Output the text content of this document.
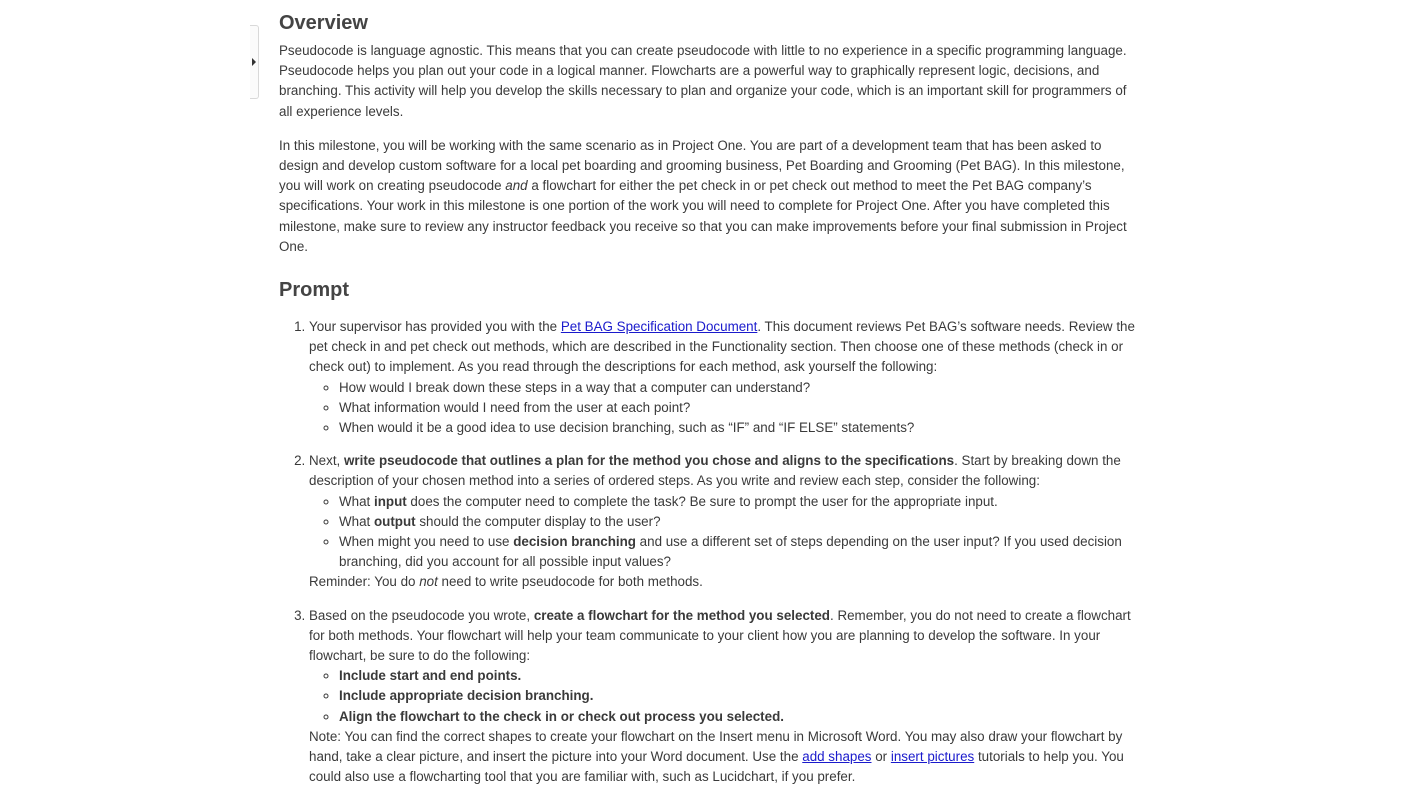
Overview

Pseudocode is language agnostic. This means that you can create pseudocode with little to no experience in a specific programming language. Pseudocode helps you plan out your code in a logical manner. Flowcharts are a powerful way to graphically represent logic, decisions, and branching. This activity will help you develop the skills necessary to plan and organize your code, which is an important skill for programmers of all experience levels.

In this milestone, you will be working with the same scenario as in Project One. You are part of a development team that has been asked to design and develop custom software for a local pet boarding and grooming business, Pet Boarding and Grooming (Pet BAG). In this milestone, you will work on creating pseudocode and a flowchart for either the pet check in or pet check out method to meet the Pet BAG company’s specifications. Your work in this milestone is one portion of the work you will need to complete for Project One. After you have completed this milestone, make sure to review any instructor feedback you receive so that you can make improvements before your final submission in Project One.

Prompt
1. Your supervisor has provided you with the Pet BAG Specification Document. This document reviews Pet BAG’s software needs. Review the pet check in and pet check out methods, which are described in the Functionality section. Then choose one of these methods (check in or check out) to implement. As you read through the descriptions for each method, ask yourself the following:
◦ How would I break down these steps in a way that a computer can understand?
◦ What information would I need from the user at each point?
◦ When would it be a good idea to use decision branching, such as “IF” and “IF ELSE” statements?
2. Next, write pseudocode that outlines a plan for the method you chose and aligns to the specifications. Start by breaking down the description of your chosen method into a series of ordered steps. As you write and review each step, consider the following:
◦ What input does the computer need to complete the task? Be sure to prompt the user for the appropriate input.
◦ What output should the computer display to the user?
◦ When might you need to use decision branching and use a different set of steps depending on the user input? If you used decision branching, did you account for all possible input values?
Reminder: You do not need to write pseudocode for both methods.
3. Based on the pseudocode you wrote, create a flowchart for the method you selected. Remember, you do not need to create a flowchart for both methods. Your flowchart will help your team communicate to your client how you are planning to develop the software. In your flowchart, be sure to do the following:
◦ Include start and end points.
◦ Include appropriate decision branching.
◦ Align the flowchart to the check in or check out process you selected.
Note: You can find the correct shapes to create your flowchart on the Insert menu in Microsoft Word. You may also draw your flowchart by hand, take a clear picture, and insert the picture into your Word document. Use the add shapes or insert pictures tutorials to help you. You could also use a flowcharting tool that you are familiar with, such as Lucidchart, if you prefer.
